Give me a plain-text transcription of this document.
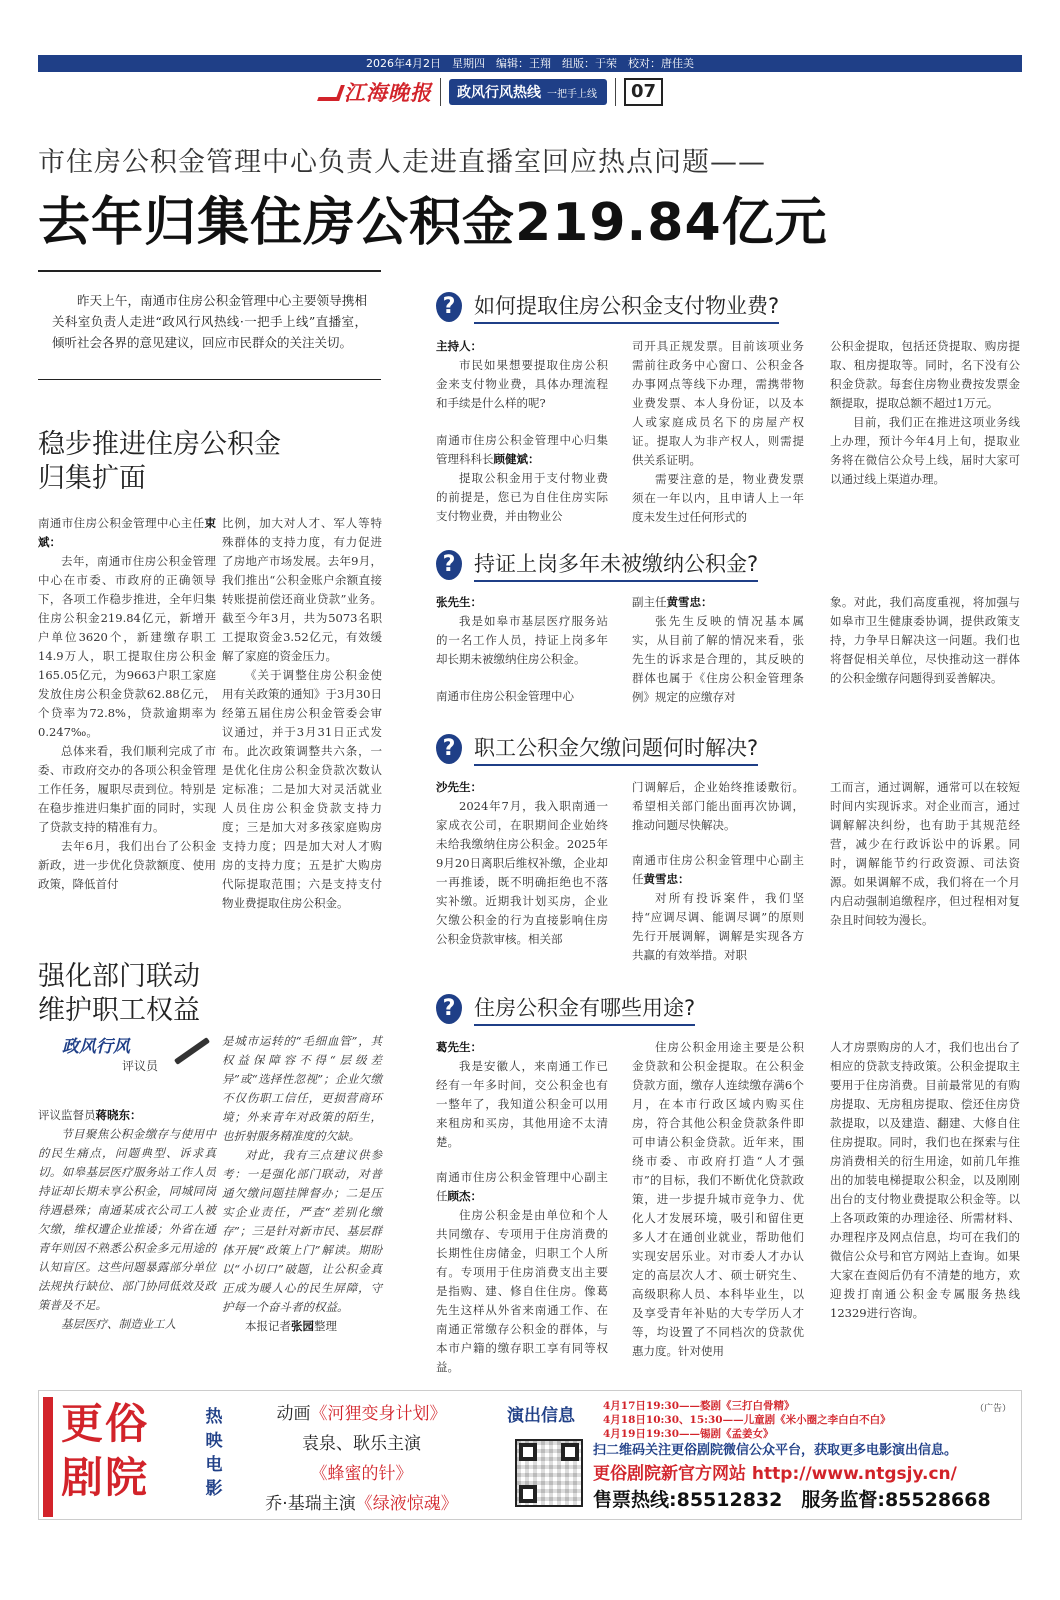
2026年4月2日　星期四　编辑：王翔　组版：于荣　校对：唐佳美
江海晚报 政风行风热线 一把手上线	07
市住房公积金管理中心负责人走进直播室回应热点问题——
去年归集住房公积金219.84亿元
昨天上午，南通市住房公积金管理中心主要领导携相关科室负责人走进“政风行风热线·一把手上线”直播室，倾听社会各界的意见建议，回应市民群众的关注关切。
稳步推进住房公积金
归集扩面

南通市住房公积金管理中心主任束斌：

去年，南通市住房公积金管理中心在市委、市政府的正确领导下，各项工作稳步推进，全年归集住房公积金219.84亿元，新增开户单位3620个，新建缴存职工14.9万人，职工提取住房公积金165.05亿元，为9663户职工家庭发放住房公积金贷款62.88亿元，个贷率为72.8%，贷款逾期率为0.247‰。

总体来看，我们顺利完成了市委、市政府交办的各项公积金管理工作任务，履职尽责到位。特别是在稳步推进归集扩面的同时，实现了贷款支持的精准有力。

去年6月，我们出台了公积金新政，进一步优化贷款额度、使用政策，降低首付

比例，加大对人才、军人等特殊群体的支持力度，有力促进了房地产市场发展。去年9月，我们推出“公积金账户余额直接转账提前偿还商业贷款”业务。截至今年3月，共为5073名职工提取资金3.52亿元，有效缓解了家庭的资金压力。

《关于调整住房公积金使用有关政策的通知》于3月30日经第五届住房公积金管委会审议通过，并于3月31日正式发布。此次政策调整共六条，一是优化住房公积金贷款次数认定标准；二是加大对灵活就业人员住房公积金贷款支持力度；三是加大对多孩家庭购房支持力度；四是加大对人才购房的支持力度；五是扩大购房代际提取范围；六是支持支付物业费提取住房公积金。

强化部门联动
维护职工权益
政风行风
评议员

评议监督员蒋晓东：

节目聚焦公积金缴存与使用中的民生痛点，问题典型、诉求真切。如皋基层医疗服务站工作人员持证却长期未享公积金，同城同岗待遇悬殊；南通某成衣公司工人被欠缴，维权遭企业推诿；外省在通青年则因不熟悉公积金多元用途的认知盲区。这些问题暴露部分单位法规执行缺位、部门协同低效及政策普及不足。

基层医疗、制造业工人

是城市运转的“毛细血管”，其权益保障容不得“层级差异”或“选择性忽视”；企业欠缴不仅伤职工信任，更损营商环境；外来青年对政策的陌生，也折射服务精准度的欠缺。

对此，我有三点建议供参考：一是强化部门联动，对普通欠缴问题挂牌督办；二是压实企业责任，严查“差别化缴存”；三是针对新市民、基层群体开展“政策上门”解读。期盼以“小切口”破题，让公积金真正成为暖人心的民生屏障，守护每一个奋斗者的权益。

本报记者张园整理

? 如何提取住房公积金支付物业费?

主持人：

市民如果想要提取住房公积金来支付物业费，具体办理流程和手续是什么样的呢?

南通市住房公积金管理中心归集管理科科长顾健斌：

提取公积金用于支付物业费的前提是，您已为自住住房实际支付物业费，并由物业公

司开具正规发票。目前该项业务需前往政务中心窗口、公积金各办事网点等线下办理，需携带物业费发票、本人身份证，以及本人或家庭成员名下的房屋产权证。提取人为非产权人，则需提供关系证明。

需要注意的是，物业费发票须在一年以内，且申请人上一年度未发生过任何形式的

公积金提取，包括还贷提取、购房提取、租房提取等。同时，名下没有公积金贷款。每套住房物业费按发票金额提取，提取总额不超过1万元。

目前，我们正在推进这项业务线上办理，预计今年4月上旬，提取业务将在微信公众号上线，届时大家可以通过线上渠道办理。

? 持证上岗多年未被缴纳公积金?

张先生：

我是如皋市基层医疗服务站的一名工作人员，持证上岗多年却长期未被缴纳住房公积金。

南通市住房公积金管理中心

副主任黄雪忠：

张先生反映的情况基本属实，从目前了解的情况来看，张先生的诉求是合理的，其反映的群体也属于《住房公积金管理条例》规定的应缴存对

象。对此，我们高度重视，将加强与如皋市卫生健康委协调，提供政策支持，力争早日解决这一问题。我们也将督促相关单位，尽快推动这一群体的公积金缴存问题得到妥善解决。

? 职工公积金欠缴问题何时解决?

沙先生：

2024年7月，我入职南通一家成衣公司，在职期间企业始终未给我缴纳住房公积金。2025年9月20日离职后维权补缴，企业却一再推诿，既不明确拒绝也不落实补缴。近期我计划买房，企业欠缴公积金的行为直接影响住房公积金贷款审核。相关部

门调解后，企业始终推诿敷衍。希望相关部门能出面再次协调，推动问题尽快解决。

南通市住房公积金管理中心副主任黄雪忠：

对所有投诉案件，我们坚持“应调尽调、能调尽调”的原则先行开展调解，调解是实现各方共赢的有效举措。对职

工而言，通过调解，通常可以在较短时间内实现诉求。对企业而言，通过调解解决纠纷，也有助于其规范经营，减少在行政诉讼中的诉累。同时，调解能节约行政资源、司法资源。如果调解不成，我们将在一个月内启动强制追缴程序，但过程相对复杂且时间较为漫长。

? 住房公积金有哪些用途?

葛先生：

我是安徽人，来南通工作已经有一年多时间，交公积金也有一整年了，我知道公积金可以用来租房和买房，其他用途不太清楚。

南通市住房公积金管理中心副主任顾杰：

住房公积金是由单位和个人共同缴存、专项用于住房消费的长期性住房储金，归职工个人所有。专项用于住房消费支出主要是指购、建、修自住住房。像葛先生这样从外省来南通工作、在南通正常缴存公积金的群体，与本市户籍的缴存职工享有同等权益。

住房公积金用途主要是公积金贷款和公积金提取。在公积金贷款方面，缴存人连续缴存满6个月，在本市行政区域内购买住房，符合其他公积金贷款条件即可申请公积金贷款。近年来，围绕市委、市政府打造“人才强市”的目标，我们不断优化贷款政策，进一步提升城市竞争力、优化人才发展环境，吸引和留住更多人才在通创业就业，帮助他们实现安居乐业。对市委人才办认定的高层次人才、硕士研究生、高级职称人员、本科毕业生，以及享受青年补贴的大专学历人才等，均设置了不同档次的贷款优惠力度。针对使用

人才房票购房的人才，我们也出台了相应的贷款支持政策。公积金提取主要用于住房消费。目前最常见的有购房提取、无房租房提取、偿还住房贷款提取，以及建造、翻建、大修自住住房提取。同时，我们也在探索与住房消费相关的衍生用途，如前几年推出的加装电梯提取公积金，以及刚刚出台的支付物业费提取公积金等。以上各项政策的办理途径、所需材料、办理程序及网点信息，均可在我们的微信公众号和官方网站上查询。如果大家在查阅后仍有不清楚的地方，欢迎拨打南通公积金专属服务热线12329进行咨询。

更俗
剧院
热
映
电
影
动画《河狸变身计划》
袁泉、耿乐主演
《蜂蜜的针》
乔·基瑞主演《绿液惊魂》
演出信息	4月17日19:30——婺剧《三打白骨精》
4月18日10:30、15:30——儿童剧《米小圈之李白白不白》
4月19日19:30——锡剧《孟姜女》
（广告）
扫二维码关注更俗剧院微信公众平台，获取更多电影演出信息。
更俗剧院新官方网站 http://www.ntgsjy.cn/
售票热线:85512832　服务监督:85528668
